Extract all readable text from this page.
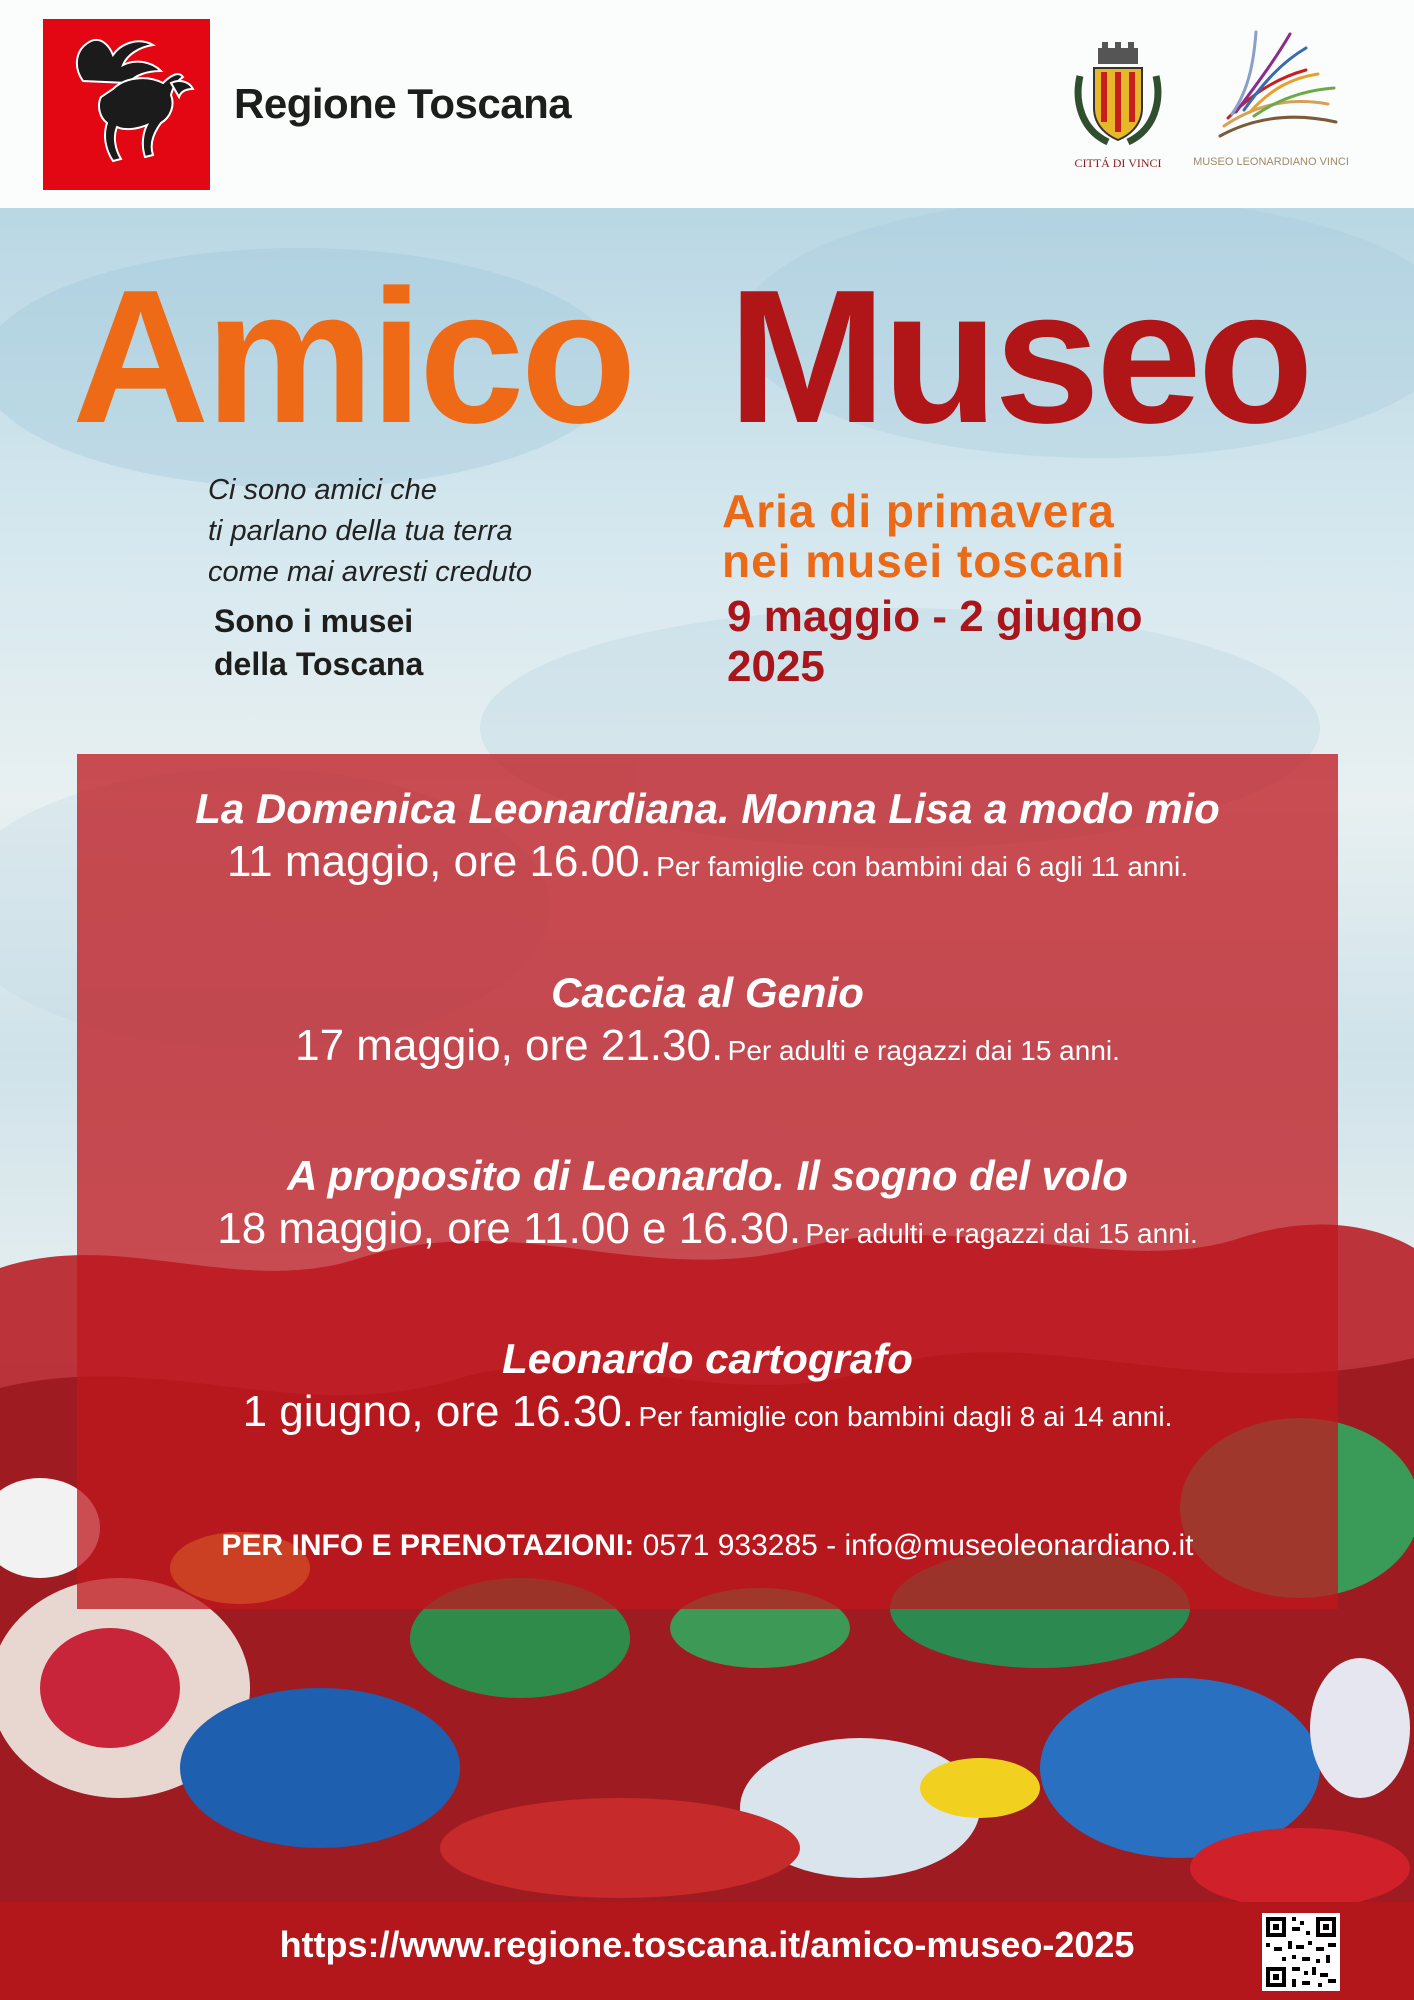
Regione Toscana
CITTÁ DI VINCI	MUSEO LEONARDIANO VINCI
Amico Museo
Ci sono amici che
ti parlano della tua terra
come mai avresti creduto
Sono i musei
della Toscana
Aria di primavera
nei musei toscani
9 maggio - 2 giugno
2025
La Domenica Leonardiana. Monna Lisa a modo mio
11 maggio, ore 16.00. Per famiglie con bambini dai 6 agli 11 anni.
Caccia al Genio
17 maggio, ore 21.30. Per adulti e ragazzi dai 15 anni.
A proposito di Leonardo. Il sogno del volo
18 maggio, ore 11.00 e 16.30. Per adulti e ragazzi dai 15 anni.
Leonardo cartografo
1 giugno, ore 16.30. Per famiglie con bambini dagli 8 ai 14 anni.
PER INFO E PRENOTAZIONI: 0571 933285 - info@museoleonardiano.it
https://www.regione.toscana.it/amico-museo-2025
